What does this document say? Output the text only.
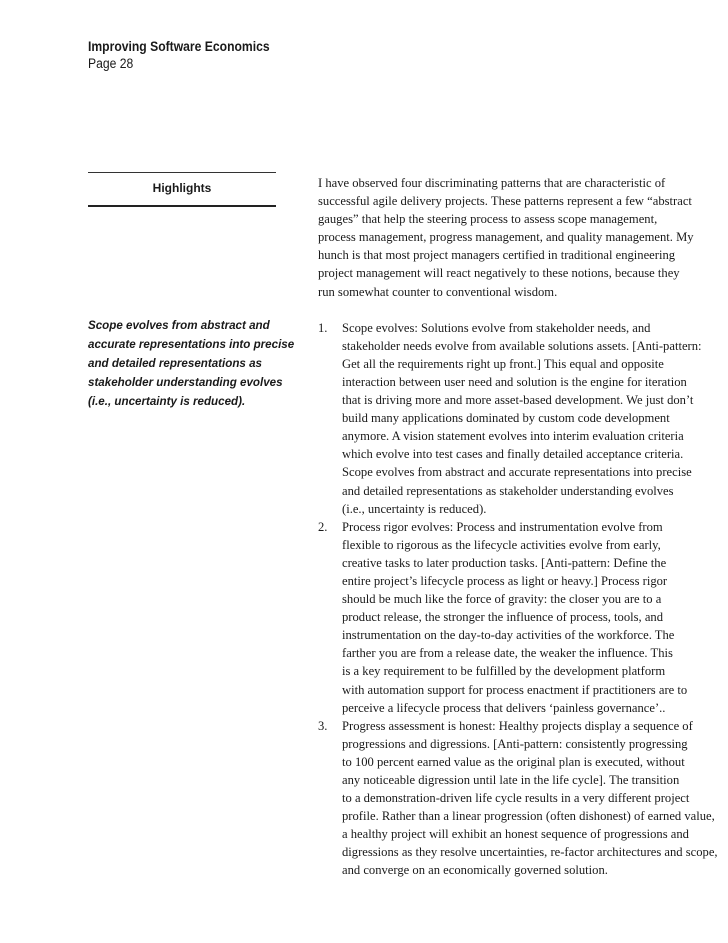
Improving Software Economics
Page 28
Highlights
Scope evolves from abstract and
accurate representations into precise
and detailed representations as
stakeholder understanding evolves
(i.e., uncertainty is reduced).

I have observed four discriminating patterns that are characteristic of
successful agile delivery projects. These patterns represent a few “abstract
gauges” that help the steering process to assess scope management,
process management, progress management, and quality management. My
hunch is that most project managers certified in traditional engineering
project management will react negatively to these notions, because they
run somewhat counter to conventional wisdom.

1. Scope evolves: Solutions evolve from stakeholder needs, and
stakeholder needs evolve from available solutions assets. [Anti-pattern:
Get all the requirements right up front.] This equal and opposite
interaction between user need and solution is the engine for iteration
that is driving more and more asset-based development. We just don’t
build many applications dominated by custom code development
anymore. A vision statement evolves into interim evaluation criteria
which evolve into test cases and finally detailed acceptance criteria.
Scope evolves from abstract and accurate representations into precise
and detailed representations as stakeholder understanding evolves
(i.e., uncertainty is reduced).
2. Process rigor evolves: Process and instrumentation evolve from
flexible to rigorous as the lifecycle activities evolve from early,
creative tasks to later production tasks. [Anti-pattern: Define the
entire project’s lifecycle process as light or heavy.] Process rigor
should be much like the force of gravity: the closer you are to a
product release, the stronger the influence of process, tools, and
instrumentation on the day-to-day activities of the workforce. The
farther you are from a release date, the weaker the influence. This
is a key requirement to be fulfilled by the development platform
with automation support for process enactment if practitioners are to
perceive a lifecycle process that delivers ‘painless governance’..
3. Progress assessment is honest: Healthy projects display a sequence of
progressions and digressions. [Anti-pattern: consistently progressing
to 100 percent earned value as the original plan is executed, without
any noticeable digression until late in the life cycle]. The transition
to a demonstration-driven life cycle results in a very different project
profile. Rather than a linear progression (often dishonest) of earned value,
a healthy project will exhibit an honest sequence of progressions and
digressions as they resolve uncertainties, re-factor architectures and scope,
and converge on an economically governed solution.
